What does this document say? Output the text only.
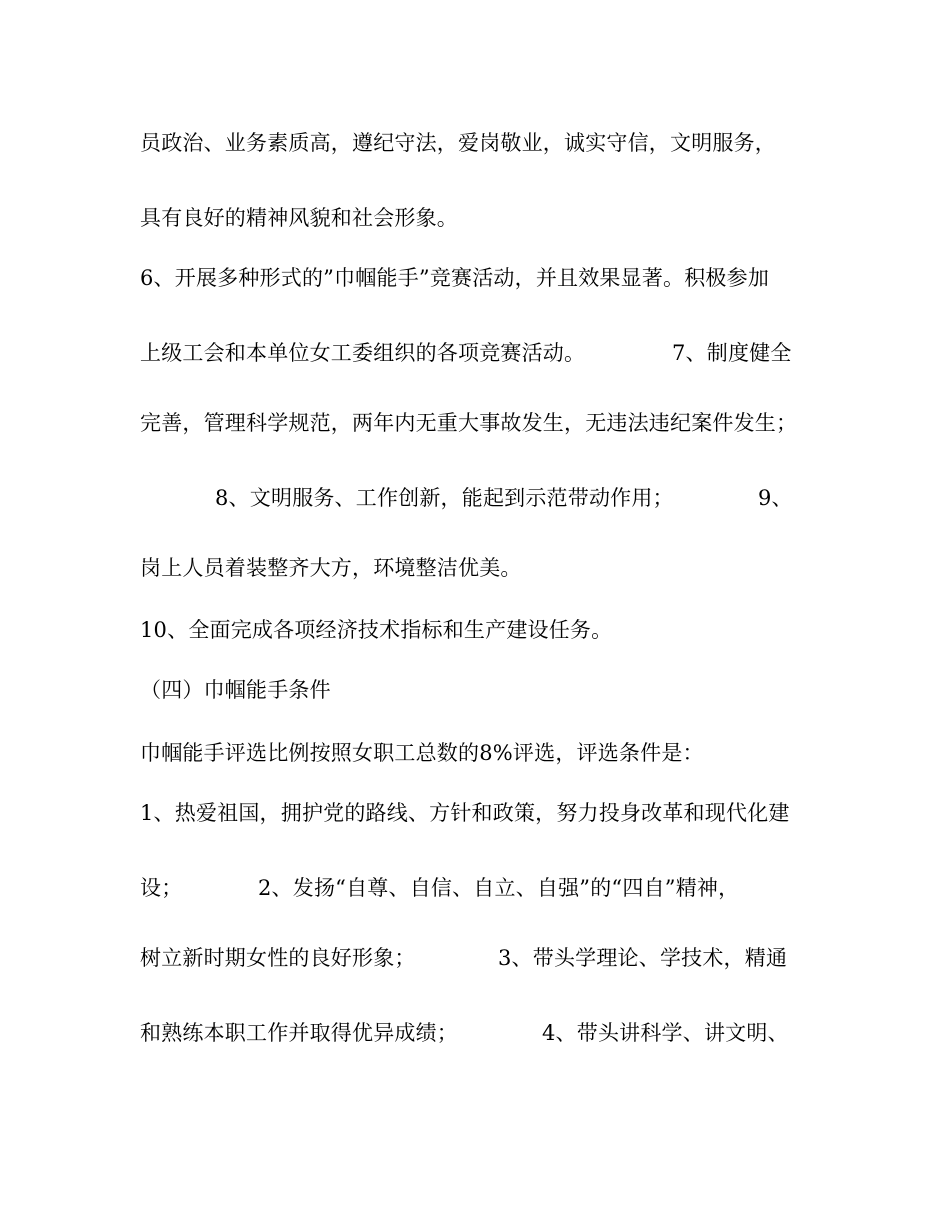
员政治、业务素质高，遵纪守法，爱岗敬业，诚实守信，文明服务，
具有良好的精神风貌和社会形象。
6、开展多种形式的”巾帼能手”竞赛活动，并且效果显著。积极参加
上级工会和本单位女工委组织的各项竞赛活动。	7、制度健全
完善，管理科学规范，两年内无重大事故发生，无违法违纪案件发生；
8、文明服务、工作创新，能起到示范带动作用；	9、
岗上人员着装整齐大方，环境整洁优美。
10、全面完成各项经济技术指标和生产建设任务。
（四）巾帼能手条件
巾帼能手评选比例按照女职工总数的8%评选，评选条件是：
1、热爱祖国，拥护党的路线、方针和政策，努力投身改革和现代化建
设；	2、发扬“自尊、自信、自立、自强”的“四自”精神，
树立新时期女性的良好形象；	3、带头学理论、学技术，精通
和熟练本职工作并取得优异成绩；	4、带头讲科学、讲文明、
